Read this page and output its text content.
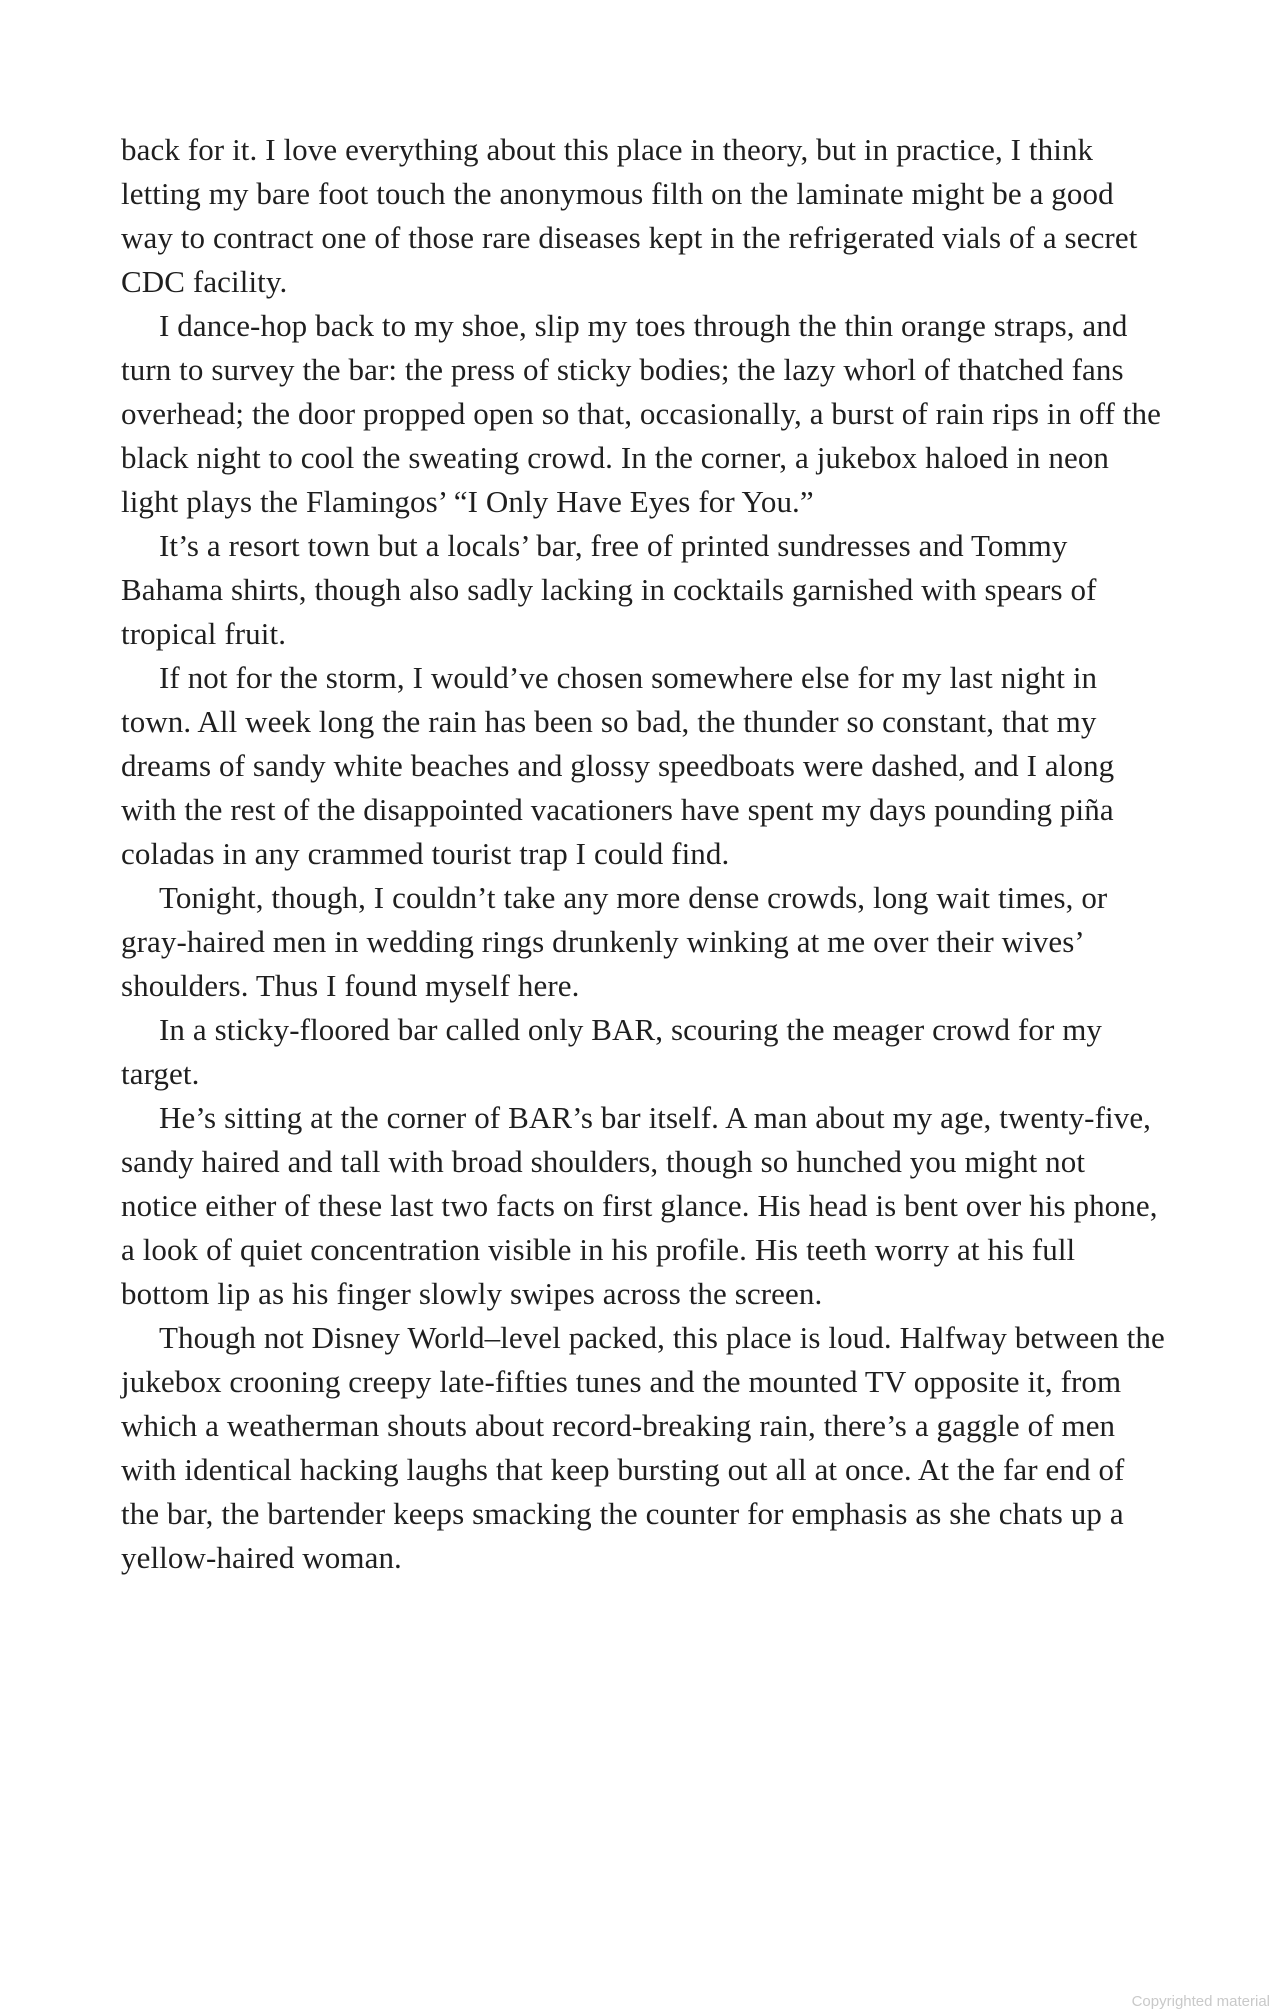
back for it. I love everything about this place in theory, but in practice, I think letting my bare foot touch the anonymous filth on the laminate might be a good way to contract one of those rare diseases kept in the refrigerated vials of a secret CDC facility.

I dance-hop back to my shoe, slip my toes through the thin orange straps, and turn to survey the bar: the press of sticky bodies; the lazy whorl of thatched fans overhead; the door propped open so that, occasionally, a burst of rain rips in off the black night to cool the sweating crowd. In the corner, a jukebox haloed in neon light plays the Flamingos’ “I Only Have Eyes for You.”

It’s a resort town but a locals’ bar, free of printed sundresses and Tommy Bahama shirts, though also sadly lacking in cocktails garnished with spears of tropical fruit.

If not for the storm, I would’ve chosen somewhere else for my last night in town. All week long the rain has been so bad, the thunder so constant, that my dreams of sandy white beaches and glossy speedboats were dashed, and I along with the rest of the disappointed vacationers have spent my days pounding piña coladas in any crammed tourist trap I could find.

Tonight, though, I couldn’t take any more dense crowds, long wait times, or gray-haired men in wedding rings drunkenly winking at me over their wives’ shoulders. Thus I found myself here.

In a sticky-floored bar called only BAR, scouring the meager crowd for my target.

He’s sitting at the corner of BAR’s bar itself. A man about my age, twenty-five, sandy haired and tall with broad shoulders, though so hunched you might not notice either of these last two facts on first glance. His head is bent over his phone, a look of quiet concentration visible in his profile. His teeth worry at his full bottom lip as his finger slowly swipes across the screen.

Though not Disney World–level packed, this place is loud. Halfway between the jukebox crooning creepy late-fifties tunes and the mounted TV opposite it, from which a weatherman shouts about record-breaking rain, there’s a gaggle of men with identical hacking laughs that keep bursting out all at once. At the far end of the bar, the bartender keeps smacking the counter for emphasis as she chats up a yellow-haired woman.

Copyrighted material
